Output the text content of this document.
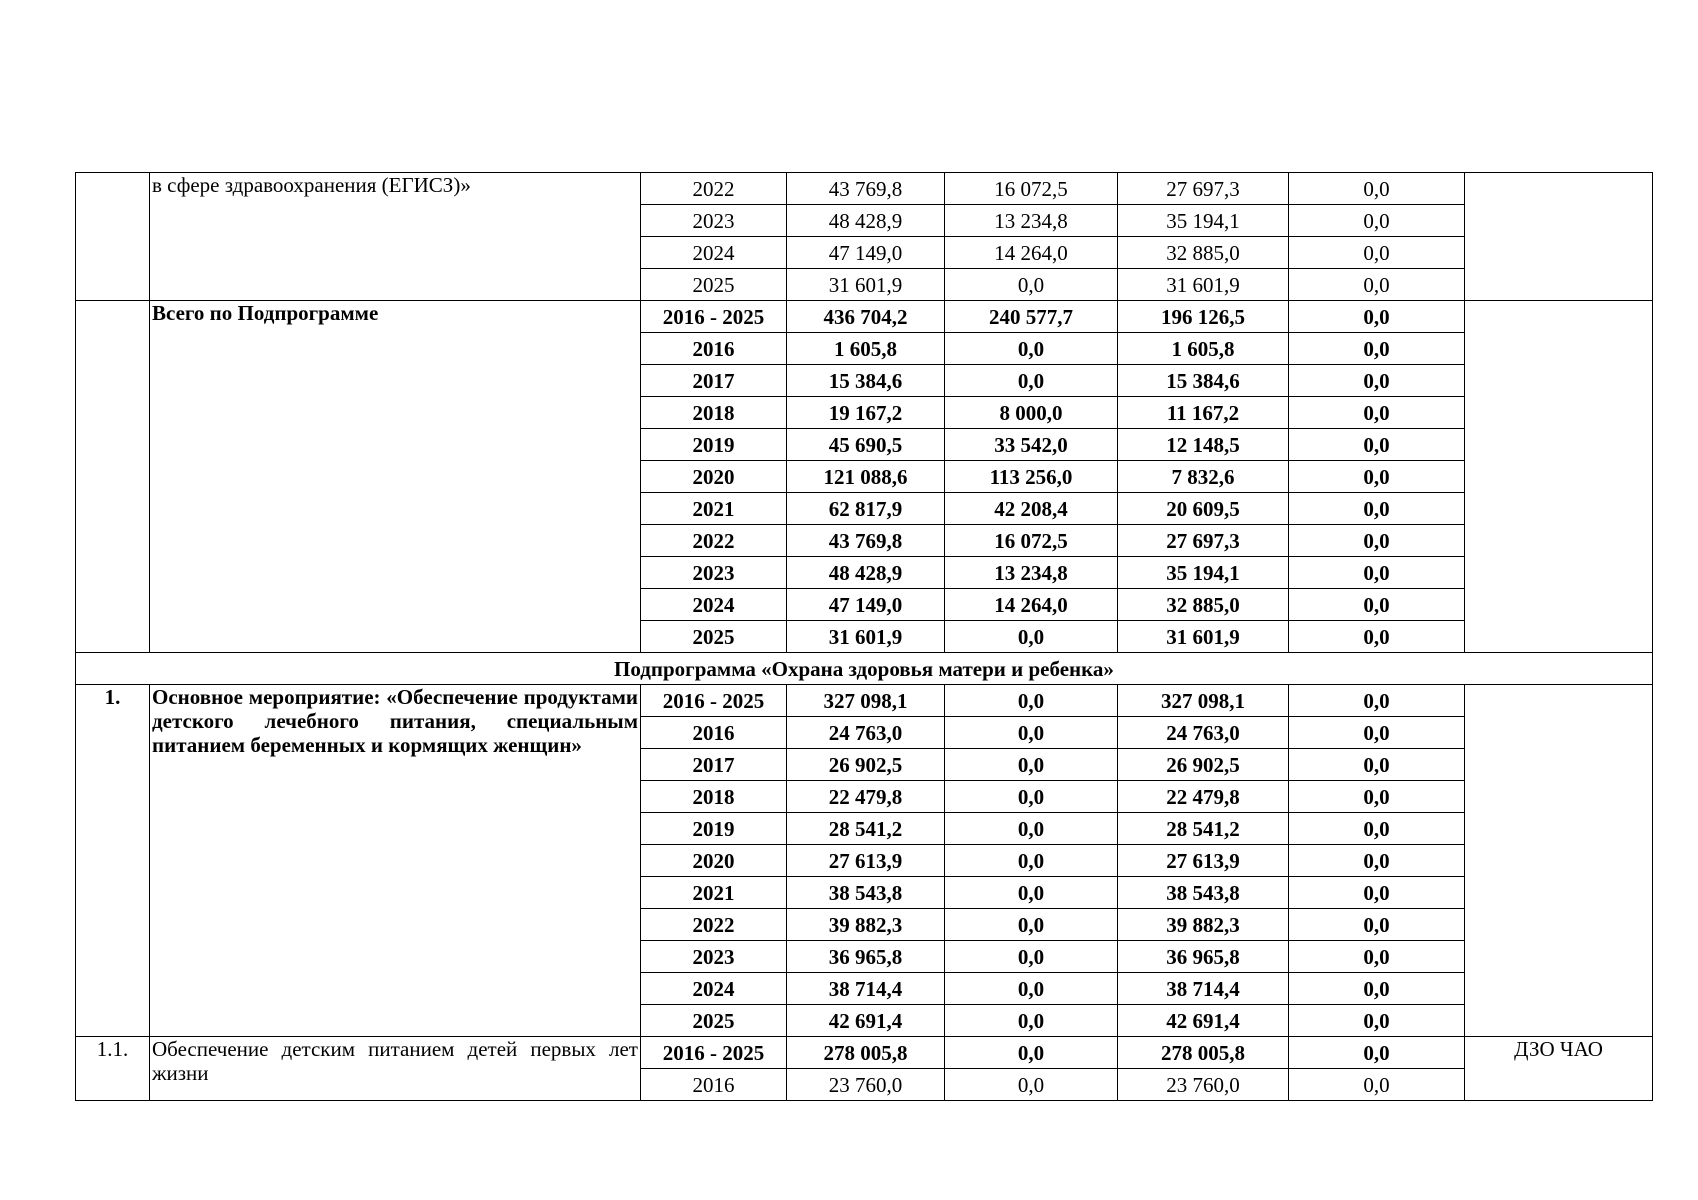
	в сфере здравоохранения (ЕГИСЗ)»	2022	43 769,8	16 072,5	27 697,3	0,0	
		2023	48 428,9	13 234,8	35 194,1	0,0	
		2024	47 149,0	14 264,0	32 885,0	0,0	
		2025	31 601,9	0,0	31 601,9	0,0	
	Всего по Подпрограмме	2016 - 2025	436 704,2	240 577,7	196 126,5	0,0	
		2016	1 605,8	0,0	1 605,8	0,0	
		2017	15 384,6	0,0	15 384,6	0,0	
		2018	19 167,2	8 000,0	11 167,2	0,0	
		2019	45 690,5	33 542,0	12 148,5	0,0	
		2020	121 088,6	113 256,0	7 832,6	0,0	
		2021	62 817,9	42 208,4	20 609,5	0,0	
		2022	43 769,8	16 072,5	27 697,3	0,0	
		2023	48 428,9	13 234,8	35 194,1	0,0	
		2024	47 149,0	14 264,0	32 885,0	0,0	
		2025	31 601,9	0,0	31 601,9	0,0	
Подпрограмма «Охрана здоровья матери и ребенка»							
1.	Основное мероприятие: «Обеспечение продуктами детского лечебного питания, специальным питанием беременных и кормящих женщин»	2016 - 2025	327 098,1	0,0	327 098,1	0,0	
		2016	24 763,0	0,0	24 763,0	0,0	
		2017	26 902,5	0,0	26 902,5	0,0	
		2018	22 479,8	0,0	22 479,8	0,0	
		2019	28 541,2	0,0	28 541,2	0,0	
		2020	27 613,9	0,0	27 613,9	0,0	
		2021	38 543,8	0,0	38 543,8	0,0	
		2022	39 882,3	0,0	39 882,3	0,0	
		2023	36 965,8	0,0	36 965,8	0,0	
		2024	38 714,4	0,0	38 714,4	0,0	
		2025	42 691,4	0,0	42 691,4	0,0	
1.1.	Обеспечение детским питанием детей первых лет жизни	2016 - 2025	278 005,8	0,0	278 005,8	0,0	ДЗО ЧАО
		2016	23 760,0	0,0	23 760,0	0,0	
